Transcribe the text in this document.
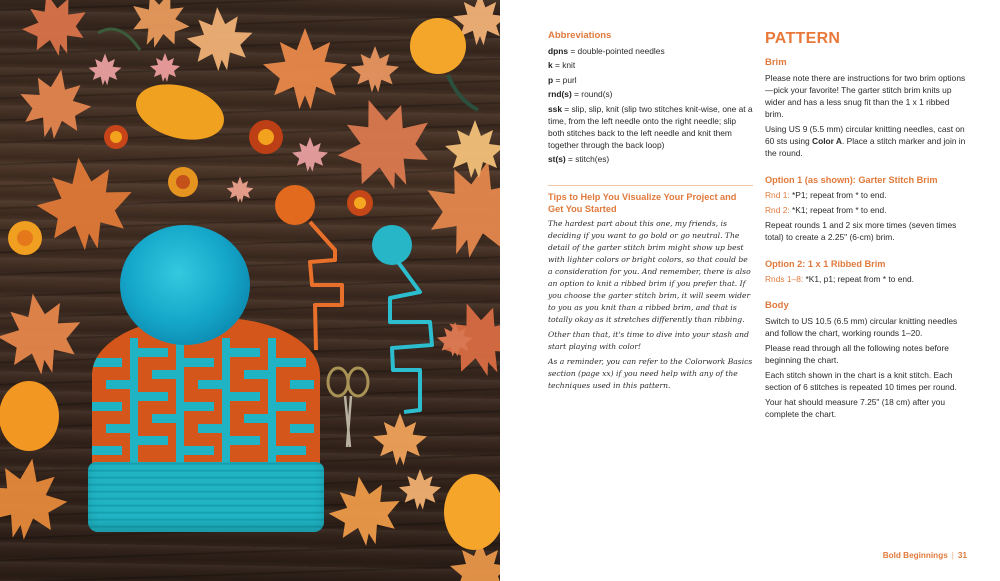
Abbreviations
dpns = double-pointed needles
k = knit
p = purl
rnd(s) = round(s)
ssk = slip, slip, knit (slip two stitches knit-wise, one at a time, from the left needle onto the right needle; slip both stitches back to the left needle and knit them together through the back loop)
st(s) = stitch(es)
Tips to Help You Visualize Your Project and Get You Started

The hardest part about this one, my friends, is deciding if you want to go bold or go neutral. The detail of the garter stitch brim might show up best with lighter colors or bright colors, so that could be a consideration for you. And remember, there is also an option to knit a ribbed brim if you prefer that. If you choose the garter stitch brim, it will seem wider to you as you knit than a ribbed brim, and that is totally okay as it stretches differently than ribbing.

Other than that, it's time to dive into your stash and start playing with color!

As a reminder, you can refer to the Colorwork Basics section (page xx) if you need help with any of the techniques used in this pattern.

PATTERN
Brim

Please note there are instructions for two brim options—pick your favorite! The garter stitch brim knits up wider and has a less snug fit than the 1 x 1 ribbed brim.

Using US 9 (5.5 mm) circular knitting needles, cast on 60 sts using Color A. Place a stitch marker and join in the round.

Option 1 (as shown): Garter Stitch Brim

Rnd 1: *P1; repeat from * to end.

Rnd 2: *K1; repeat from * to end.

Repeat rounds 1 and 2 six more times (seven times total) to create a 2.25" (6-cm) brim.

Option 2: 1 x 1 Ribbed Brim

Rnds 1–8: *K1, p1; repeat from * to end.

Body

Switch to US 10.5 (6.5 mm) circular knitting needles and follow the chart, working rounds 1–20.

Please read through all the following notes before beginning the chart.

Each stitch shown in the chart is a knit stitch. Each section of 6 stitches is repeated 10 times per round.

Your hat should measure 7.25" (18 cm) after you complete the chart.

Bold Beginnings | 31
